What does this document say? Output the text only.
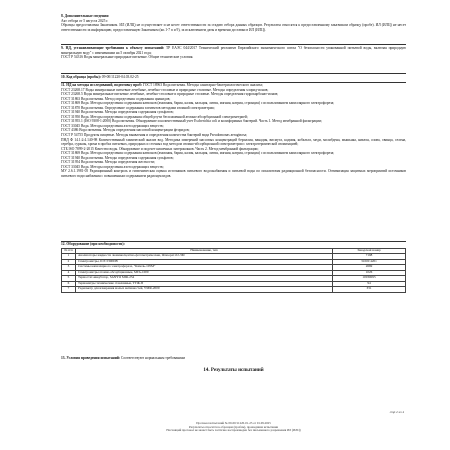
8. Дополнительные сведения:

Акт отбора от 5 августа 2025 г.

Образцы предоставлены Заказчиком. ИЛ (ИЛЦ) не осуществляет и не несет ответственности за стадию отбора данных образцов. Результаты относятся к предоставленному заказчиком образцу (пробе). ИЛ (ИЛЦ) не несет ответственности за информацию, предоставленную Заказчиком (кп.1-7 п и 9), за исключением даты и времени доставки в ИЛ (ИЛЦ).

9. НД, устанавливающие требования к объекту испытаний: ТР ЕАЭС 044/2017 Технический регламент Евразийского экономического союза "О безопасности упакованной питьевой воды, включая природную минеральную воду" с изменениями на 5 октября 2021 года;

ГОСТ Р 54316 Воды минеральные природные питьевые. Общие технические условия.

10. Код образца (пробы): 09-00/11220-04.03.02-25

11. НД на методы исследований, подготовку проб: ГОСТ 18963 Вода питьевая. Методы санитарно-бактериологического анализа;

ГОСТ 23268.17 Воды минеральные питьевые лечебные, лечебно-столовые и природные столовые. Методы определения хлорид-ионов;

ГОСТ 23268.5 Воды минеральные питьевые лечебные, лечебно-столовые и природные столовые. Методы определения гидрокарбонат-ионов;

ГОСТ 31863 Вода питьевая. Метод определения содержания цианидов;

ГОСТ 31869 Вода. Методы определения содержания катионов (аммония, бария, калия, кальция, лития, магния, натрия, стронция) с использованием капиллярного электрофореза;

ГОСТ 31870 Вода питьевая. Определение содержания элементов методами атомной спектрометрии;

ГОСТ 31940 Вода питьевая. Методы определения содержания сульфатов;

ГОСТ 31950 Вода. Методы определения содержания общей ртути беспламенной атомно-абсорбционной спектрометрией;

ГОСТ 31955.1 (ISO 9308-1:2000) Вода питьевая. Обнаружение и количественный учет Escherichia coli и колиформных бактерий. Часть 1. Метод мембранной фильтрации;

ГОСТ 33045 Вода. Методы определения азотсодержащих веществ;

ГОСТ 4386 Вода питьевая. Методы определения массовой концентрации фторидов;

ГОСТ Р 54755 Продукты пищевые. Методы выявления и определения количества бактерий вида Pseudomonas aeruginosa;

ПНД Ф 14.1:2:4.140-98 Количественный химический анализ вод. Методика измерений массовых концентраций бериллия, ванадия, висмута, кадмия, кобальта, меди, молибдена, мышьяка, никеля, олова, свинца, селена, серебра, сурьмы, хрома в пробах питьевых, природных и сточных вод методом атомно-абсорбционной спектрометрии с электротермической атомизацией;

СТБ ISO 7899-2-2015 Качество воды. Обнаружение и подсчет кишечных энтерококков. Часть 2. Метод мембранной фильтрации;

ГОСТ 31869 Вода. Методы определения содержания катионов (аммония, бария, калия, кальция, лития, магния, натрия, стронция) с использованием капиллярного электрофореза;

ГОСТ 31940 Вода питьевая. Методы определения содержания сульфатов;

ГОСТ 31954 Вода питьевая. Методы определения жесткости;

ГОСТ 33045 Вода. Методы определения азотсодержащих веществ;

МУ 2.6.1.1981-05 Радиационный контроль и гигиеническая оценка источников питьевого водоснабжения и питьевой воды по показателям радиационной безопасности. Оптимизация защитных мероприятий источников питьевого водоснабжения с повышенным содержанием радионуклидов.

12. Оборудование (при необходимости):

№ п/п	Наименование, тип	Заводской номер
1	Анализаторы жидкости люминесцентно-фотометрические, Флюорат-02-3М	7198
2	Спектрометры, ICP-5300DВ	31000 4201
3	Системы капиллярного электрофореза, "Капель-105М"	2669
4	Спектрометры атомно-абсорбционные, МГА-1000	1026
5	Термостат-инкубатор, SANYO MIR-254	10030095
6	Термометры технические стеклянные, ТТЖ-П	94
7	Радиометр для измерения малых активностей, УМФ-2000	331

13. Условия проведения испытаний: Соответствуют нормальным требованиям

14. Результаты испытаний
стр 2 из 4

Протокол испытаний № 09-00/11220-01-25 от 01.09.2025

Результаты относятся к образцам (пробам), прошедшим испытания

Настоящий протокол не может быть частично воспроизведен без письменного разрешения ИЛ (ИЛЦ)
